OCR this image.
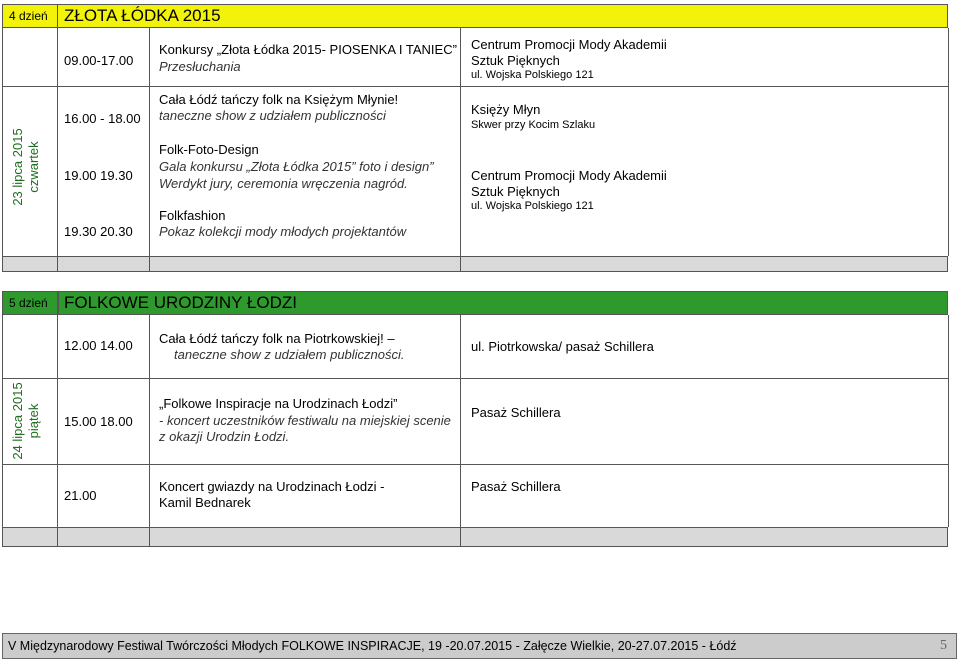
4 dzień ZŁOTA ŁÓDKA 2015
23 lipca 2015 czwartek
09.00-17.00
Konkursy „Złota Łódka 2015- PIOSENKA I TANIEC”
Przesłuchania
Centrum Promocji Mody Akademii
Sztuk Pięknych
ul. Wojska Polskiego 121
16.00 - 18.00
Cała Łódź tańczy folk na Księżym Młynie!
taneczne show z udziałem publiczności	Księży Młyn
Skwer przy Kocim Szlaku
19.00 19.30
Folk-Foto-Design
Gala konkursu „Złota Łódka 2015” foto i design”
Werdykt jury, ceremonia wręczenia nagród.
Centrum Promocji Mody Akademii
Sztuk Pięknych
ul. Wojska Polskiego 121
19.30 20.30
Folkfashion
Pokaz kolekcji mody młodych projektantów
5 dzień FOLKOWE URODZINY ŁODZI
24 lipca 2015 piątek
12.00 14.00 Cała Łódź tańczy folk na Piotrkowskiej! –
taneczne show z udziałem publiczności.
ul. Piotrkowska/ pasaż Schillera
15.00 18.00
„Folkowe Inspiracje na Urodzinach Łodzi”
- koncert uczestników festiwalu na miejskiej scenie
z okazji Urodzin Łodzi.
Pasaż Schillera
21.00
Koncert gwiazdy na Urodzinach Łodzi -
Kamil Bednarek
Pasaż Schillera
V Międzynarodowy Festiwal Twórczości Młodych FOLKOWE INSPIRACJE, 19 -20.07.2015 - Załęcze Wielkie, 20-27.07.2015 - Łódź	5
